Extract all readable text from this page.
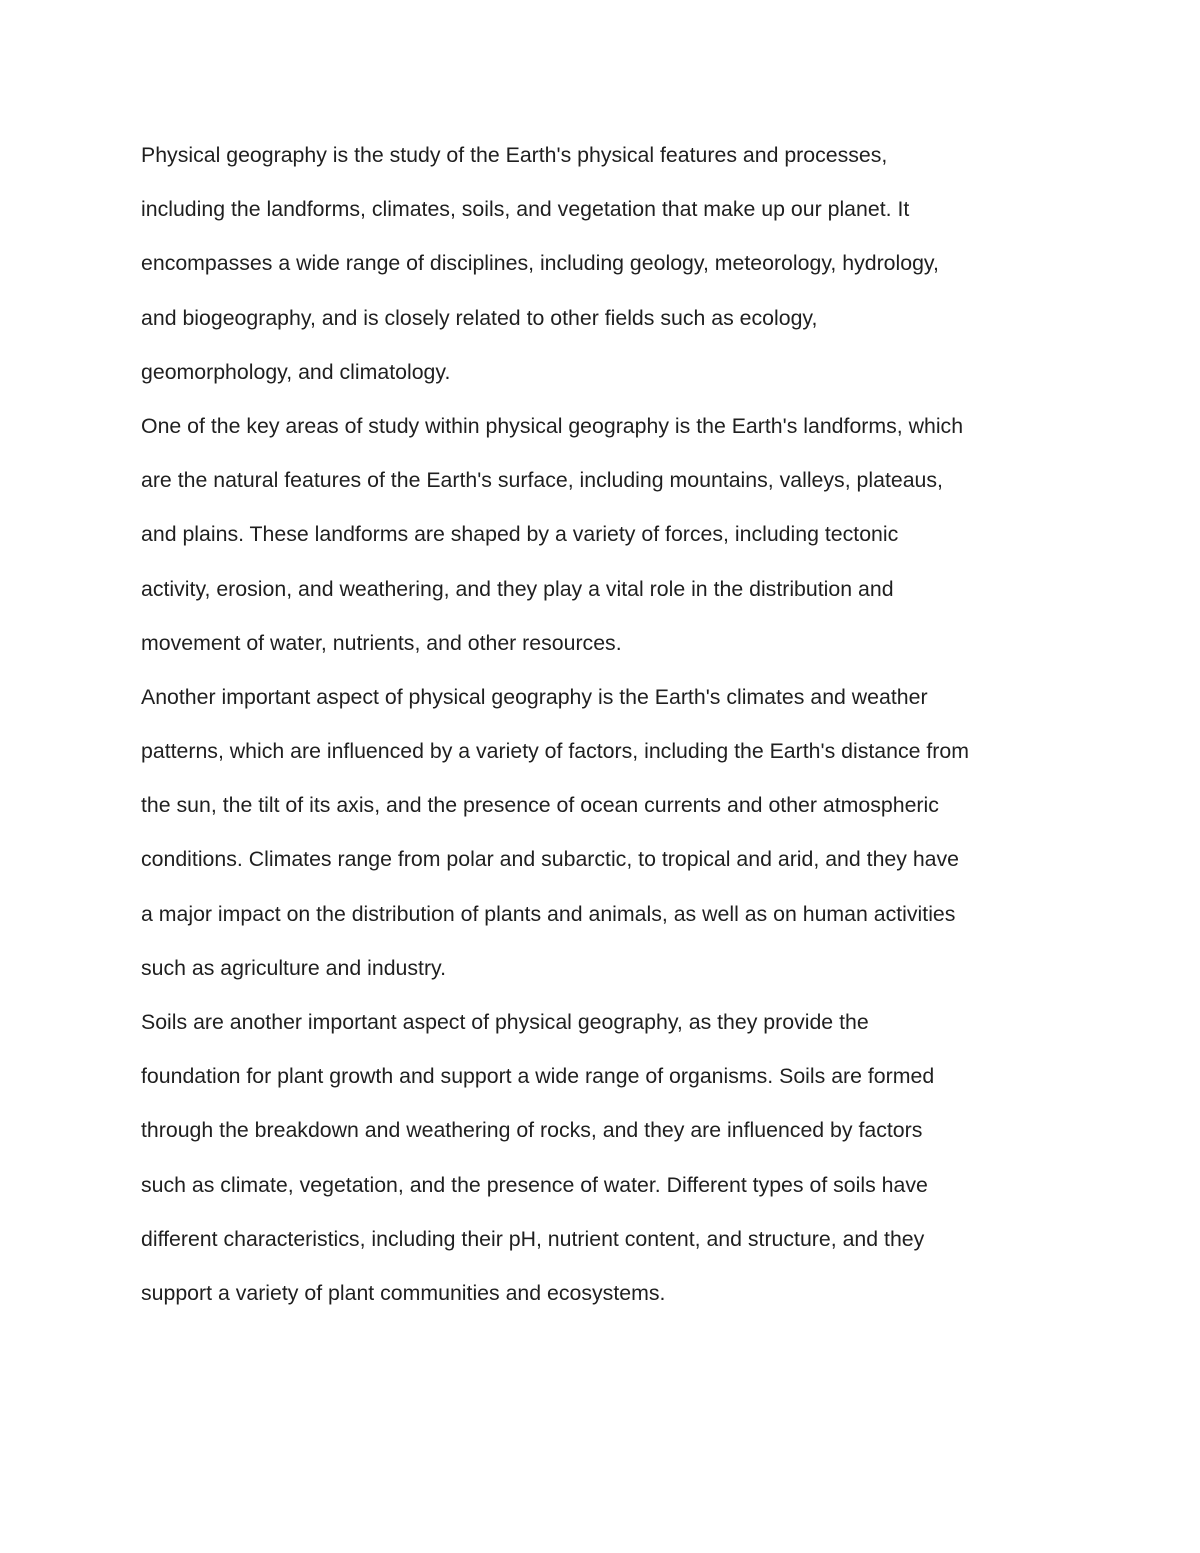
Physical geography is the study of the Earth's physical features and processes,
including the landforms, climates, soils, and vegetation that make up our planet. It
encompasses a wide range of disciplines, including geology, meteorology, hydrology,
and biogeography, and is closely related to other fields such as ecology,
geomorphology, and climatology.

One of the key areas of study within physical geography is the Earth's landforms, which
are the natural features of the Earth's surface, including mountains, valleys, plateaus,
and plains. These landforms are shaped by a variety of forces, including tectonic
activity, erosion, and weathering, and they play a vital role in the distribution and
movement of water, nutrients, and other resources.

Another important aspect of physical geography is the Earth's climates and weather
patterns, which are influenced by a variety of factors, including the Earth's distance from
the sun, the tilt of its axis, and the presence of ocean currents and other atmospheric
conditions. Climates range from polar and subarctic, to tropical and arid, and they have
a major impact on the distribution of plants and animals, as well as on human activities
such as agriculture and industry.

Soils are another important aspect of physical geography, as they provide the
foundation for plant growth and support a wide range of organisms. Soils are formed
through the breakdown and weathering of rocks, and they are influenced by factors
such as climate, vegetation, and the presence of water. Different types of soils have
different characteristics, including their pH, nutrient content, and structure, and they
support a variety of plant communities and ecosystems.
